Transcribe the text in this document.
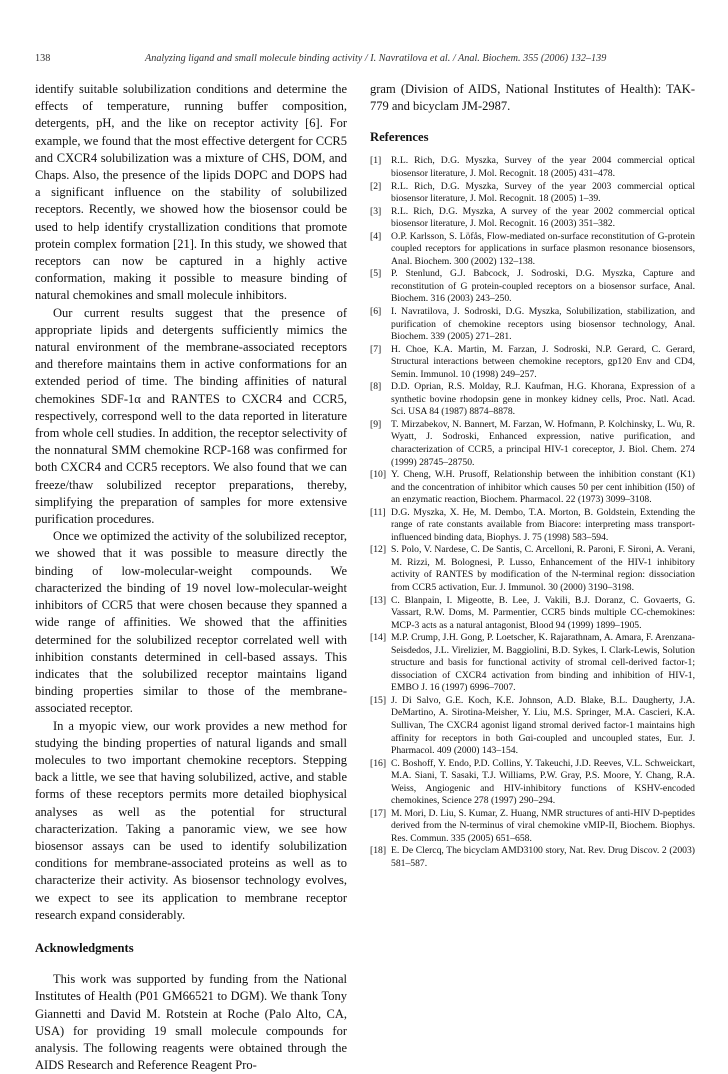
138	Analyzing ligand and small molecule binding activity / I. Navratilova et al. / Anal. Biochem. 355 (2006) 132–139

identify suitable solubilization conditions and determine the effects of temperature, running buffer composition, detergents, pH, and the like on receptor activity [6]. For example, we found that the most effective detergent for CCR5 and CXCR4 solubilization was a mixture of CHS, DOM, and Chaps. Also, the presence of the lipids DOPC and DOPS had a significant influence on the stability of solubilized receptors. Recently, we showed how the biosensor could be used to help identify crystallization conditions that promote protein complex formation [21]. In this study, we showed that receptors can now be captured in a highly active conformation, making it possible to measure binding of natural chemokines and small molecule inhibitors.

Our current results suggest that the presence of appropriate lipids and detergents sufficiently mimics the natural environment of the membrane-associated receptors and therefore maintains them in active conformations for an extended period of time. The binding affinities of natural chemokines SDF-1α and RANTES to CXCR4 and CCR5, respectively, correspond well to the data reported in literature from whole cell studies. In addition, the receptor selectivity of the nonnatural SMM chemokine RCP-168 was confirmed for both CXCR4 and CCR5 receptors. We also found that we can freeze/thaw solubilized receptor preparations, thereby, simplifying the preparation of samples for more extensive purification procedures.

Once we optimized the activity of the solubilized receptor, we showed that it was possible to measure directly the binding of low-molecular-weight compounds. We characterized the binding of 19 novel low-molecular-weight inhibitors of CCR5 that were chosen because they spanned a wide range of affinities. We showed that the affinities determined for the solubilized receptor correlated well with inhibition constants determined in cell-based assays. This indicates that the solubilized receptor maintains ligand binding properties similar to those of the membrane-associated receptor.

In a myopic view, our work provides a new method for studying the binding properties of natural ligands and small molecules to two important chemokine receptors. Stepping back a little, we see that having solubilized, active, and stable forms of these receptors permits more detailed biophysical analyses as well as the potential for structural characterization. Taking a panoramic view, we see how biosensor assays can be used to identify solubilization conditions for membrane-associated proteins as well as to characterize their activity. As biosensor technology evolves, we expect to see its application to membrane receptor research expand considerably.

Acknowledgments

This work was supported by funding from the National Institutes of Health (P01 GM66521 to DGM). We thank Tony Giannetti and David M. Rotstein at Roche (Palo Alto, CA, USA) for providing 19 small molecule compounds for analysis. The following reagents were obtained through the AIDS Research and Reference Reagent Pro-

gram (Division of AIDS, National Institutes of Health): TAK-779 and bicyclam JM-2987.

References
[1]	R.L. Rich, D.G. Myszka, Survey of the year 2004 commercial optical biosensor literature, J. Mol. Recognit. 18 (2005) 431–478.
[2]	R.L. Rich, D.G. Myszka, Survey of the year 2003 commercial optical biosensor literature, J. Mol. Recognit. 18 (2005) 1–39.
[3]	R.L. Rich, D.G. Myszka, A survey of the year 2002 commercial optical biosensor literature, J. Mol. Recognit. 16 (2003) 351–382.
[4]	O.P. Karlsson, S. Löfås, Flow-mediated on-surface reconstitution of G-protein coupled receptors for applications in surface plasmon resonance biosensors, Anal. Biochem. 300 (2002) 132–138.
[5]	P. Stenlund, G.J. Babcock, J. Sodroski, D.G. Myszka, Capture and reconstitution of G protein-coupled receptors on a biosensor surface, Anal. Biochem. 316 (2003) 243–250.
[6]	I. Navratilova, J. Sodroski, D.G. Myszka, Solubilization, stabilization, and purification of chemokine receptors using biosensor technology, Anal. Biochem. 339 (2005) 271–281.
[7]	H. Choe, K.A. Martin, M. Farzan, J. Sodroski, N.P. Gerard, C. Gerard, Structural interactions between chemokine receptors, gp120 Env and CD4, Semin. Immunol. 10 (1998) 249–257.
[8]	D.D. Oprian, R.S. Molday, R.J. Kaufman, H.G. Khorana, Expression of a synthetic bovine rhodopsin gene in monkey kidney cells, Proc. Natl. Acad. Sci. USA 84 (1987) 8874–8878.
[9]	T. Mirzabekov, N. Bannert, M. Farzan, W. Hofmann, P. Kolchinsky, L. Wu, R. Wyatt, J. Sodroski, Enhanced expression, native purification, and characterization of CCR5, a principal HIV-1 coreceptor, J. Biol. Chem. 274 (1999) 28745–28750.
[10] Y. Cheng, W.H. Prusoff, Relationship between the inhibition constant (K1) and the concentration of inhibitor which causes 50 per cent inhibition (I50) of an enzymatic reaction, Biochem. Pharmacol. 22 (1973) 3099–3108.
[11] D.G. Myszka, X. He, M. Dembo, T.A. Morton, B. Goldstein, Extending the range of rate constants available from Biacore: interpreting mass transport-influenced binding data, Biophys. J. 75 (1998) 583–594.
[12] S. Polo, V. Nardese, C. De Santis, C. Arcelloni, R. Paroni, F. Sironi, A. Verani, M. Rizzi, M. Bolognesi, P. Lusso, Enhancement of the HIV-1 inhibitory activity of RANTES by modification of the N-terminal region: dissociation from CCR5 activation, Eur. J. Immunol. 30 (2000) 3190–3198.
[13] C. Blanpain, I. Migeotte, B. Lee, J. Vakili, B.J. Doranz, C. Govaerts, G. Vassart, R.W. Doms, M. Parmentier, CCR5 binds multiple CC-chemokines: MCP-3 acts as a natural antagonist, Blood 94 (1999) 1899–1905.
[14] M.P. Crump, J.H. Gong, P. Loetscher, K. Rajarathnam, A. Amara, F. Arenzana-Seisdedos, J.L. Virelizier, M. Baggiolini, B.D. Sykes, I. Clark-Lewis, Solution structure and basis for functional activity of stromal cell-derived factor-1; dissociation of CXCR4 activation from binding and inhibition of HIV-1, EMBO J. 16 (1997) 6996–7007.
[15] J. Di Salvo, G.E. Koch, K.E. Johnson, A.D. Blake, B.L. Daugherty, J.A. DeMartino, A. Sirotina-Meisher, Y. Liu, M.S. Springer, M.A. Cascieri, K.A. Sullivan, The CXCR4 agonist ligand stromal derived factor-1 maintains high affinity for receptors in both Gαi-coupled and uncoupled states, Eur. J. Pharmacol. 409 (2000) 143–154.
[16] C. Boshoff, Y. Endo, P.D. Collins, Y. Takeuchi, J.D. Reeves, V.L. Schweickart, M.A. Siani, T. Sasaki, T.J. Williams, P.W. Gray, P.S. Moore, Y. Chang, R.A. Weiss, Angiogenic and HIV-inhibitory functions of KSHV-encoded chemokines, Science 278 (1997) 290–294.
[17] M. Mori, D. Liu, S. Kumar, Z. Huang, NMR structures of anti-HIV D-peptides derived from the N-terminus of viral chemokine vMIP-II, Biochem. Biophys. Res. Commun. 335 (2005) 651–658.
[18] E. De Clercq, The bicyclam AMD3100 story, Nat. Rev. Drug Discov. 2 (2003) 581–587.
